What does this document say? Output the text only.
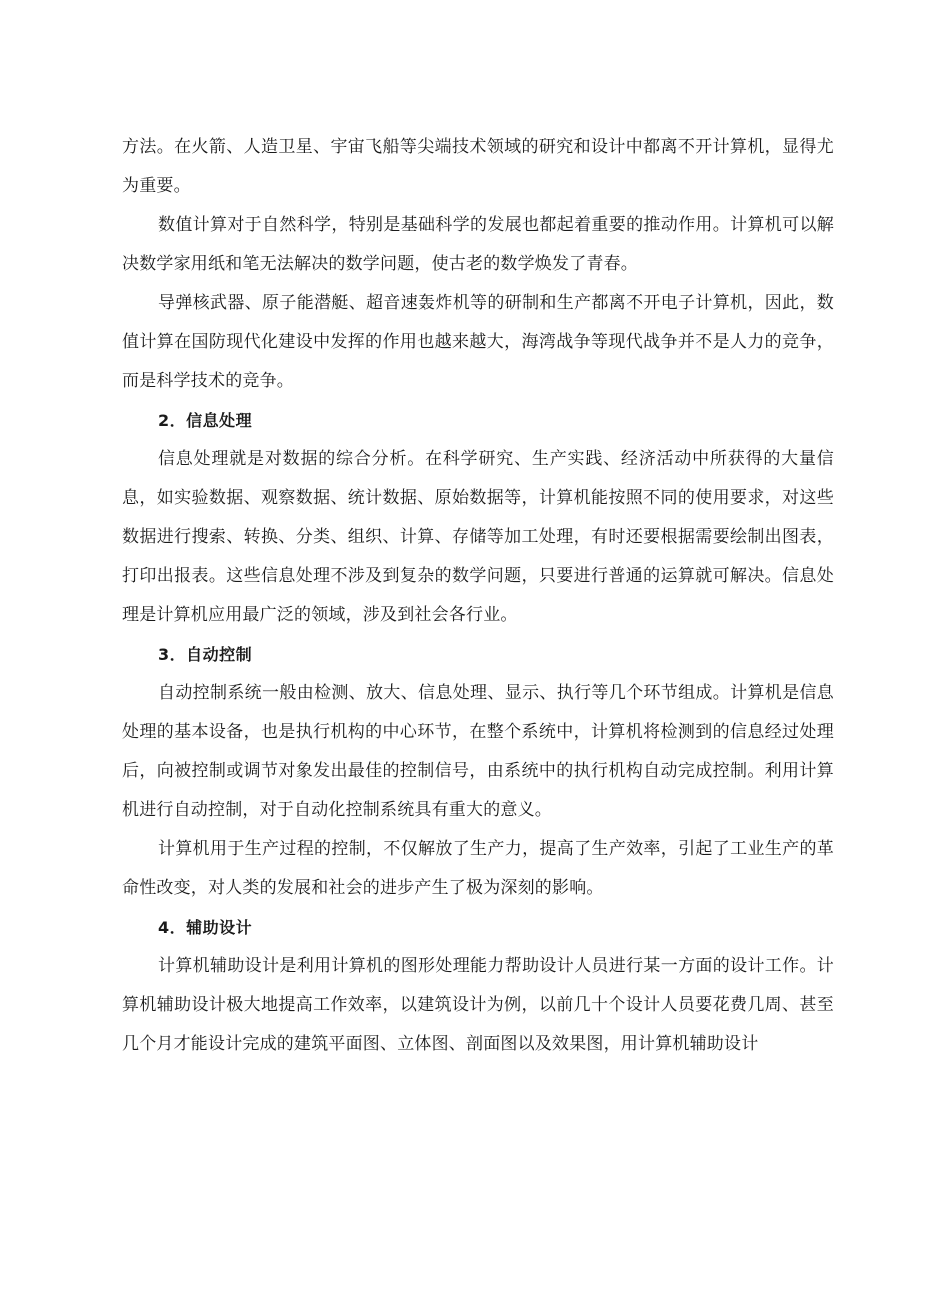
方法。在火箭、人造卫星、宇宙飞船等尖端技术领域的研究和设计中都离不开计算机，显得尤为重要。

数值计算对于自然科学，特别是基础科学的发展也都起着重要的推动作用。计算机可以解决数学家用纸和笔无法解决的数学问题，使古老的数学焕发了青春。

导弹核武器、原子能潜艇、超音速轰炸机等的研制和生产都离不开电子计算机，因此，数值计算在国防现代化建设中发挥的作用也越来越大，海湾战争等现代战争并不是人力的竞争，而是科学技术的竞争。

2．信息处理

信息处理就是对数据的综合分析。在科学研究、生产实践、经济活动中所获得的大量信息，如实验数据、观察数据、统计数据、原始数据等，计算机能按照不同的使用要求，对这些数据进行搜索、转换、分类、组织、计算、存储等加工处理，有时还要根据需要绘制出图表，打印出报表。这些信息处理不涉及到复杂的数学问题，只要进行普通的运算就可解决。信息处理是计算机应用最广泛的领域，涉及到社会各行业。

3．自动控制

自动控制系统一般由检测、放大、信息处理、显示、执行等几个环节组成。计算机是信息处理的基本设备，也是执行机构的中心环节，在整个系统中，计算机将检测到的信息经过处理后，向被控制或调节对象发出最佳的控制信号，由系统中的执行机构自动完成控制。利用计算机进行自动控制，对于自动化控制系统具有重大的意义。

计算机用于生产过程的控制，不仅解放了生产力，提高了生产效率，引起了工业生产的革命性改变，对人类的发展和社会的进步产生了极为深刻的影响。

4．辅助设计

计算机辅助设计是利用计算机的图形处理能力帮助设计人员进行某一方面的设计工作。计算机辅助设计极大地提高工作效率，以建筑设计为例，以前几十个设计人员要花费几周、甚至几个月才能设计完成的建筑平面图、立体图、剖面图以及效果图，用计算机辅助设计
